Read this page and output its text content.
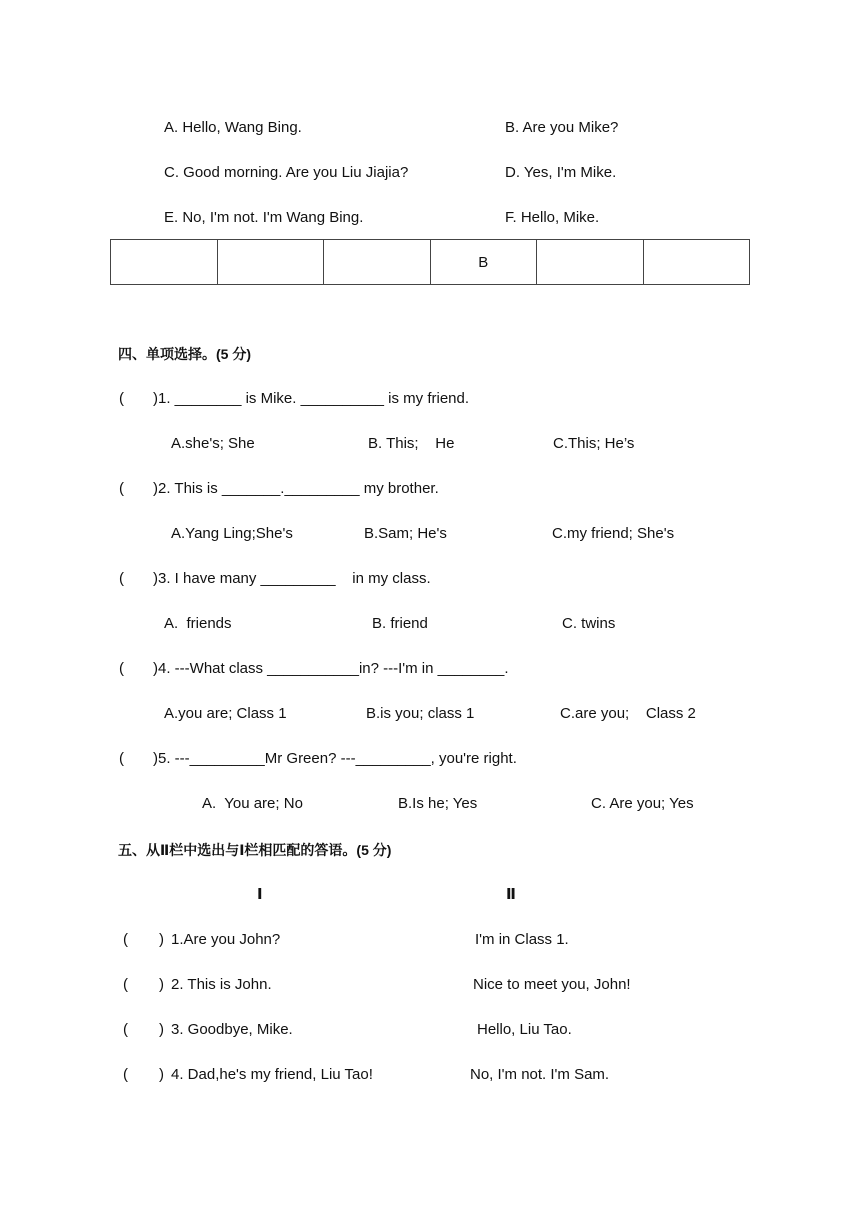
A. Hello, Wang Bing.	B. Are you Mike?
C. Good morning. Are you Liu Jiajia?	D. Yes, I'm Mike.
E. No, I'm not. I'm Wang Bing.	F. Hello, Mike.
			B		
四、单项选择。(5 分)
( )1. ________ is Mike. __________ is my friend.
A.she's; She	B. This;    He	C.This; He’s
( )2. This is _______._________ my brother.
A.Yang Ling;She's	B.Sam; He's	C.my friend; She's
( )3. I have many _________    in my class.
A.  friends	B. friend	C. twins
( )4. ---What class ___________in? ---I'm in ________.
A.you are; Class 1	B.is you; class 1	C.are you;    Class 2
( )5. ---_________Mr Green? ---_________, you're right.
A.  You are; No	B.Is he; Yes	C. Are you; Yes
五、从Ⅱ栏中选出与Ⅰ栏相匹配的答语。(5 分)
Ⅰ	Ⅱ
( ) 1.Are you John?	I'm in Class 1.
( ) 2. This is John.	Nice to meet you, John!
( ) 3. Goodbye, Mike.	Hello, Liu Tao.
( ) 4. Dad,he's my friend, Liu Tao!	No, I'm not. I'm Sam.
